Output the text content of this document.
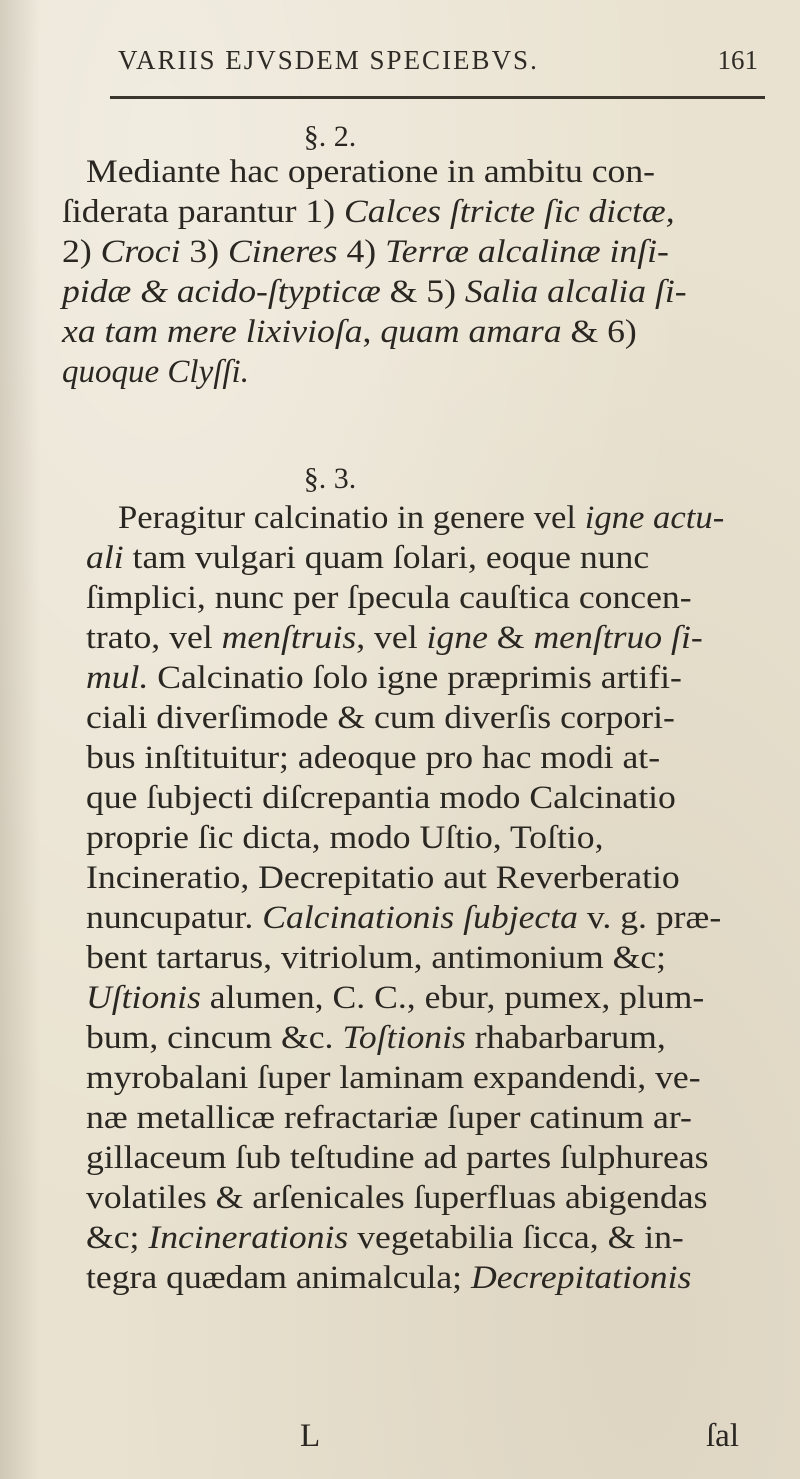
VARIIS EJVSDEM SPECIEBVS.	161
§. 2.
§. 3.
Mediante hac operatione in ambitu con-
ſiderata parantur 1) Calces ſtricte ſic dictæ,
2) Croci 3) Cineres 4) Terræ alcalinæ inſi-
pidæ & acido-ſtypticæ & 5) Salia alcalia ſi-
xa tam mere lixivioſa, quam amara & 6)
quoque Clyſſi.
Peragitur calcinatio in genere vel igne actu-
ali tam vulgari quam ſolari, eoque nunc
ſimplici, nunc per ſpecula cauſtica concen-
trato, vel menſtruis, vel igne & menſtruo ſi-
mul. Calcinatio ſolo igne præprimis artifi-
ciali diverſimode & cum diverſis corpori-
bus inſtituitur; adeoque pro hac modi at-
que ſubjecti diſcrepantia modo Calcinatio
proprie ſic dicta, modo Uſtio, Toſtio,
Incineratio, Decrepitatio aut Reverberatio
nuncupatur. Calcinationis ſubjecta v. g. præ-
bent tartarus, vitriolum, antimonium &c;
Uſtionis alumen, C. C., ebur, pumex, plum-
bum, cincum &c. Toſtionis rhabarbarum,
myrobalani ſuper laminam expandendi, ve-
næ metallicæ refractariæ ſuper catinum ar-
gillaceum ſub teſtudine ad partes ſulphureas
volatiles & arſenicales ſuperfluas abigendas
&c; Incinerationis vegetabilia ſicca, & in-
tegra quædam animalcula; Decrepitationis
L	ſal
